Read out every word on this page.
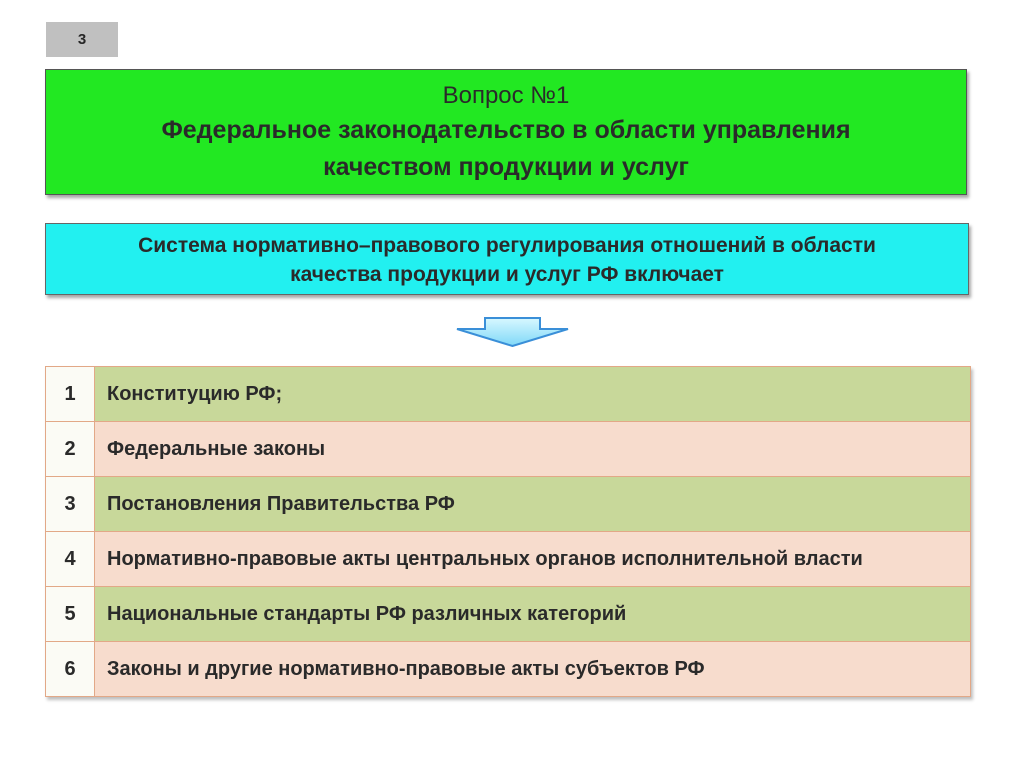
3
Вопрос №1
Федеральное законодательство в области управления качеством продукции и услуг
Система нормативно–правового регулирования отношений в области качества продукции и услуг РФ включает
1	Конституцию РФ;
2	Федеральные законы
3	Постановления Правительства РФ
4	Нормативно-правовые акты центральных органов исполнительной власти
5	Национальные стандарты РФ различных категорий
6	Законы и другие нормативно-правовые акты субъектов РФ
